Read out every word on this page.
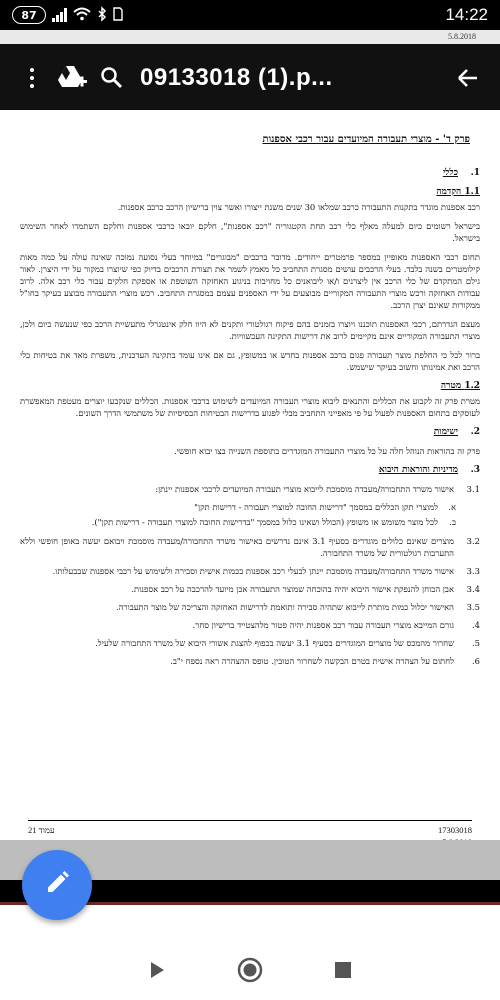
87	14:22
5.8.2018
09133018 (1).p...
פרק ד' - מוצרי תעבורה המיועדים עבור רכבי אספנות
1.
כללי
1.1 הקדמה
רכב אספנות מוגדר בתקנות התעבורה כרכב שמלאו 30 שנים משנת ייצורו ואשר צוין ברישיון הרכב כרכב אספנות.
בישראל רשומים כיום למעלה מאלף כלי רכב תחת הקטגוריה "רכב אספנות", חלקם יובאו כרכבי אספנות וחלקם השתמרו לאחר השימוש בישראל.
תחום רכבי האספנות מאופיין במספר פרמטרים ייחודים. מדובר ברכבים "מבוגרים" במיוחד בעלי נסועה נמוכה שאינה עולה על כמה מאות קילומטרים בשנה בלבד. בעלי הרכבים עושים מסגרת התחביב כל מאמץ לשמר את תצורת הרכבים בדיוק כפי שיוצרו במקור על ידי היצרן. לאור גילם המתקדם של כלי הרכב אין ליצרנים ו/או ליבואנים כל מחויבות בניגוע האחזקה השוטפת או אספקת חלקים עבור כלי רכב אלה. לרוב עבודות האחזקה ורכש מוצרי התעבורה המקוריים מבוצעים על ידי האספנים עצמם במסגרת התחביב. רכש מוצרי התעבורה מבוצע בעיקר בחו"ל ממקורות שאינם יצרן הרכב.
מעצם הגדרתם, רכבי האספנות תוכננו ויוצרו בזמנים בהם פיקוח רגולטורי ותקנים לא היוו חלק אינטגרלי מתעשיית הרכב כפי שנעשה כיום ולכן, מוצרי התעבורה המקוריים אינם מקיימים לרוב את דרישות התקינה העכשוויות.
ברור לכל כי החלפת מוצר תעבורה פגום ברכב אספנות בחדש או במשופץ, גם אם אינו עומד בתקינה העדכנית, משפרת מאד את בטיחות כלי הרכב ואת אמינותו וחשוב בעיקר שישמש.
1.2 מטרה
מטרת פרק זה לקבוע את הכללים והתנאים ליבוא מוצרי תעבורה המיועדים לשימוש ברכבי אספנות. הכללים שנקבעו יוצרים מעטפת המאפשרת לעוסקים בתחום האספנות לפעול על פי מאפייני התחביב מבלי לפגוע בדרישות הבטיחות הבסיסיות של משתמשי הדרך השונים.
2.
ישימות
פרק זה בהוראות הנוהל חלה על כל מוצרי התעבורה המוגדרים בתוספת השנייה בצו יבוא חופשי.
3.
מדיניות והוראות היבוא
3.1
אישור משרד התחבורה/מעבדה מוסמכת לייבוא מוצרי תעבורה המיועדים לרכבי אספנות יינתן:
א.
למוצרי תקן הכללים במסמך "דרישות החובה למוצרי תעבורה - דרישות תקן"
ב.
לכל מוצר משומש או משופץ (הכולל ושאינו כלול במסמך "בדרישות החובה למוצרי תעבורה - דרישות תקן").
3.2
מוצרים שאינם כלולים מוגדרים בסעיף 3.1 אינם נדרשים באישור משרד התחבורה/מעבדה מוסמכת ויבואם יעשה באופן חופשי וללא התערבות רגולטורית של משרד התחבורה.
3.3
אישור משרד התחבורה/מעבדה מוסמכת יינתן לבעלי רכב אספנות בכמות אישית וסבירה ולשימוש על רכבי אספנות שבבעלותו.
3.4
אבן הבוחן להנפקת אישור היבוא יהיה בהוכחה שמוצר התעבורה אכן מיועד להרכבה על רכב אספנות.
3.5
האישור יכלול כמות מותרת לייבוא שתהיה סבירה ותואמת לדרישות האחזקה והצריכה של מוצר התעבורה.
4.
גורם המייבא מוצרי תעבורה עבור רכב אספנות יהיה פטור מלהצטייד ברישיון סחר.
5.
שחרור מהמכס של מוצרים המוגדרים בסעיף 3.1 יעשה בכפוף להצגת אשורי היבוא של משרד התחבורה שלעיל.
6.
לחתום על הצהרה אישית בטרם הבקשה לשחרור הטובין. טופס ההצהרה ראה נספח י"ב.
17303018
עמוד 21
